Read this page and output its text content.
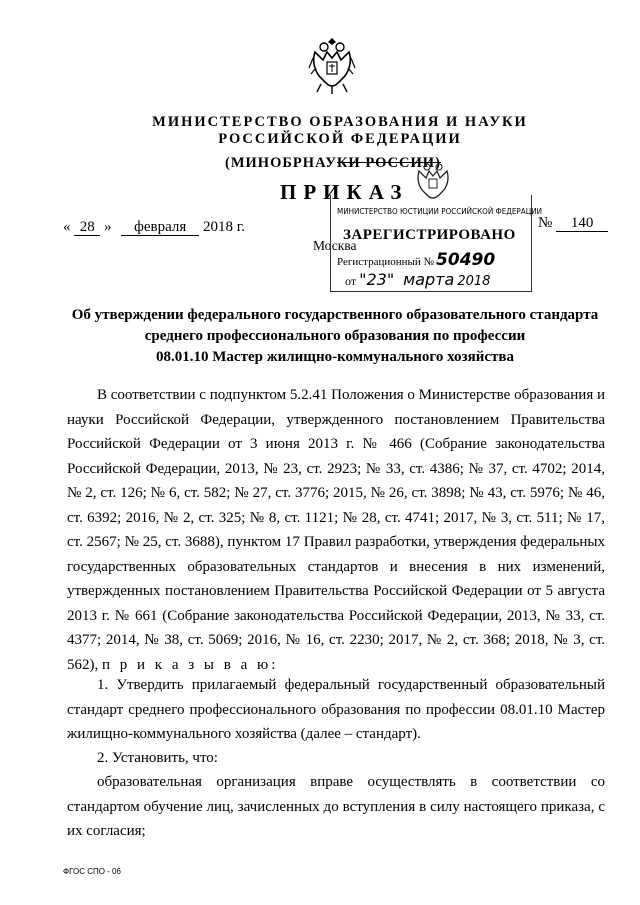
МИНИСТЕРСТВО ОБРАЗОВАНИЯ И НАУКИ
РОССИЙСКОЙ ФЕДЕРАЦИИ
(МИНОБРНАУКИ РОССИИ)
ПРИКАЗ
« 28 » февраля 2018 г.	№ 140
Москва
МИНИСТЕРСТВО ЮСТИЦИИ РОССИЙСКОЙ ФЕДЕРАЦИИ
ЗАРЕГИСТРИРОВАНО
Регистрационный № 50490
от "23" марта 2018
Об утверждении федерального государственного образовательного стандарта
среднего профессионального образования по профессии
08.01.10 Мастер жилищно-коммунального хозяйства
В соответствии с подпунктом 5.2.41 Положения о Министерстве образования и науки Российской Федерации, утвержденного постановлением Правительства Российской Федерации от 3 июня 2013 г. № 466 (Собрание законодательства Российской Федерации, 2013, № 23, ст. 2923; № 33, ст. 4386; № 37, ст. 4702; 2014, № 2, ст. 126; № 6, ст. 582; № 27, ст. 3776; 2015, № 26, ст. 3898; № 43, ст. 5976; № 46, ст. 6392; 2016, № 2, ст. 325; № 8, ст. 1121; № 28, ст. 4741; 2017, № 3, ст. 511; № 17, ст. 2567; № 25, ст. 3688), пунктом 17 Правил разработки, утверждения федеральных государственных образовательных стандартов и внесения в них изменений, утвержденных постановлением Правительства Российской Федерации от 5 августа 2013 г. № 661 (Собрание законодательства Российской Федерации, 2013, № 33, ст. 4377; 2014, № 38, ст. 5069; 2016, № 16, ст. 2230; 2017, № 2, ст. 368; 2018, № 3, ст. 562), п р и к а з ы в а ю:
1. Утвердить прилагаемый федеральный государственный образовательный стандарт среднего профессионального образования по профессии 08.01.10 Мастер жилищно-коммунального хозяйства (далее – стандарт).
2. Установить, что:
образовательная организация вправе осуществлять в соответствии со стандартом обучение лиц, зачисленных до вступления в силу настоящего приказа, с их согласия;
ФГОС СПО - 06
